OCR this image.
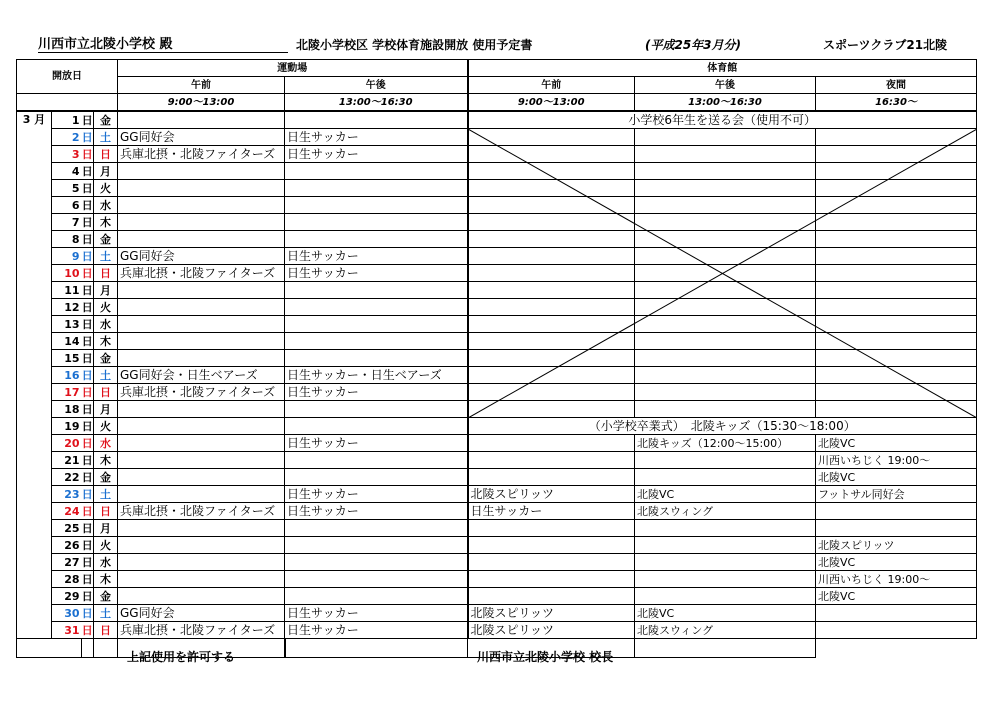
川西市立北陵小学校 殿	北陵小学校区 学校体育施設開放 使用予定書	(平成25年3月分)	スポーツクラブ21北陵
開放日				運動場		体育館		
				午前	午後	午前	午後	夜間
				9:00～13:00	13:00～16:30	9:00～13:00	13:00～16:30	16:30～
3 月	1	日	金			小学校6年生を送る会（使用不可）		
	2	日	土	GG同好会	日生サッカー			
	3	日	日	兵庫北摂・北陵ファイターズ	日生サッカー			
	4	日	月					
	5	日	火					
	6	日	水					
	7	日	木					
	8	日	金					
	9	日	土	GG同好会	日生サッカー			
	10	日	日	兵庫北摂・北陵ファイターズ	日生サッカー			
	11	日	月					
	12	日	火					
	13	日	水					
	14	日	木					
	15	日	金					
	16	日	土	GG同好会・日生ベアーズ	日生サッカー・日生ベアーズ			
	17	日	日	兵庫北摂・北陵ファイターズ	日生サッカー			
	18	日	月					
	19	日	火			（小学校卒業式）　北陵キッズ（15:30～18:00）		
	20	日	水		日生サッカー		北陵キッズ（12:00～15:00）	北陵VC
	21	日	木					川西いちじく 19:00～
	22	日	金					北陵VC
	23	日	土		日生サッカー	北陵スピリッツ	北陵VC	フットサル同好会
	24	日	日	兵庫北摂・北陵ファイターズ	日生サッカー	日生サッカー	北陵スウィング	
	25	日	月					
	26	日	火					北陵スピリッツ
	27	日	水					北陵VC
	28	日	木					川西いちじく 19:00～
	29	日	金					北陵VC
	30	日	土	GG同好会	日生サッカー	北陵スピリッツ	北陵VC	
	31	日	日	兵庫北摂・北陵ファイターズ	日生サッカー	北陵スピリッツ	北陵スウィング	

上記使用を許可する	川西市立北陵小学校 校長
